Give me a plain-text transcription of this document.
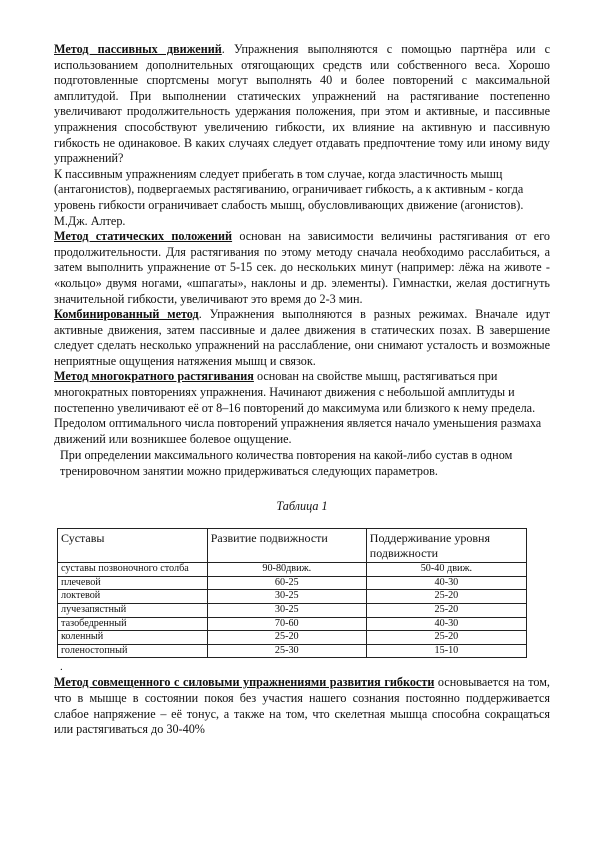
Метод пассивных движений. Упражнения выполняются с помощью партнёра или с использованием дополнительных отягощающих средств или собственного веса. Хорошо подготовленные спортсмены могут выполнять 40 и более повторений с максимальной амплитудой. При выполнении статических упражнений на растягивание постепенно увеличивают продолжительность удержания положения, при этом и активные, и пассивные упражнения способствуют увеличению гибкости, их влияние на активную и пассивную гибкость не одинаковое. В каких случаях следует отдавать предпочтение тому или иному виду упражнений?

К пассивным упражнениям следует прибегать в том случае, когда эластичность мышц (антагонистов), подвергаемых растягиванию, ограничивает гибкость, а к активным - когда уровень гибкости ограничивает слабость мышц, обусловливающих движение (агонистов). М.Дж. Алтер.

Метод статических положений основан на зависимости величины растягивания от его продолжительности. Для растягивания по этому методу сначала необходимо расслабиться, а затем выполнить упражнение от 5-15 сек. до нескольких минут (например: лёжа на животе - «кольцо» двумя ногами, «шпагаты», наклоны и др. элементы). Гимнастки, желая достигнуть значительной гибкости, увеличивают это время до 2-3 мин.

Комбинированный метод. Упражнения выполняются в разных режимах. Вначале идут активные движения, затем пассивные и далее движения в статических позах. В завершение следует сделать несколько упражнений на расслабление, они снимают усталость и возможные неприятные ощущения натяжения мышц и связок.

Метод многократного растягивания основан на свойстве мышц, растягиваться при многократных повторениях упражнения. Начинают движения с небольшой амплитуды и постепенно увеличивают её от 8–16 повторений до максимума или близкого к нему предела. Предолом оптимального числа повторений упражнения является начало уменьшения размаха движений или возникшее болевое ощущение.

При определении максимального количества повторения на какой-либо сустав в одном тренировочном занятии можно придерживаться следующих параметров.

Таблица 1
Суставы	Развитие подвижности	Поддерживание уровня подвижности
суставы позвоночного столба	90-80движ.	50-40 движ.
плечевой	60-25	40-30
локтевой	30-25	25-20
лучезапястный	30-25	25-20
тазобедренный	70-60	40-30
коленный	25-20	25-20
голеностопный	25-30	15-10
.

Метод совмещенного с силовыми упражнениями развития гибкости основывается на том, что в мышце в состоянии покоя без участия нашего сознания постоянно поддерживается слабое напряжение – её тонус, а также на том, что скелетная мышца способна сокращаться или растягиваться до 30-40%
